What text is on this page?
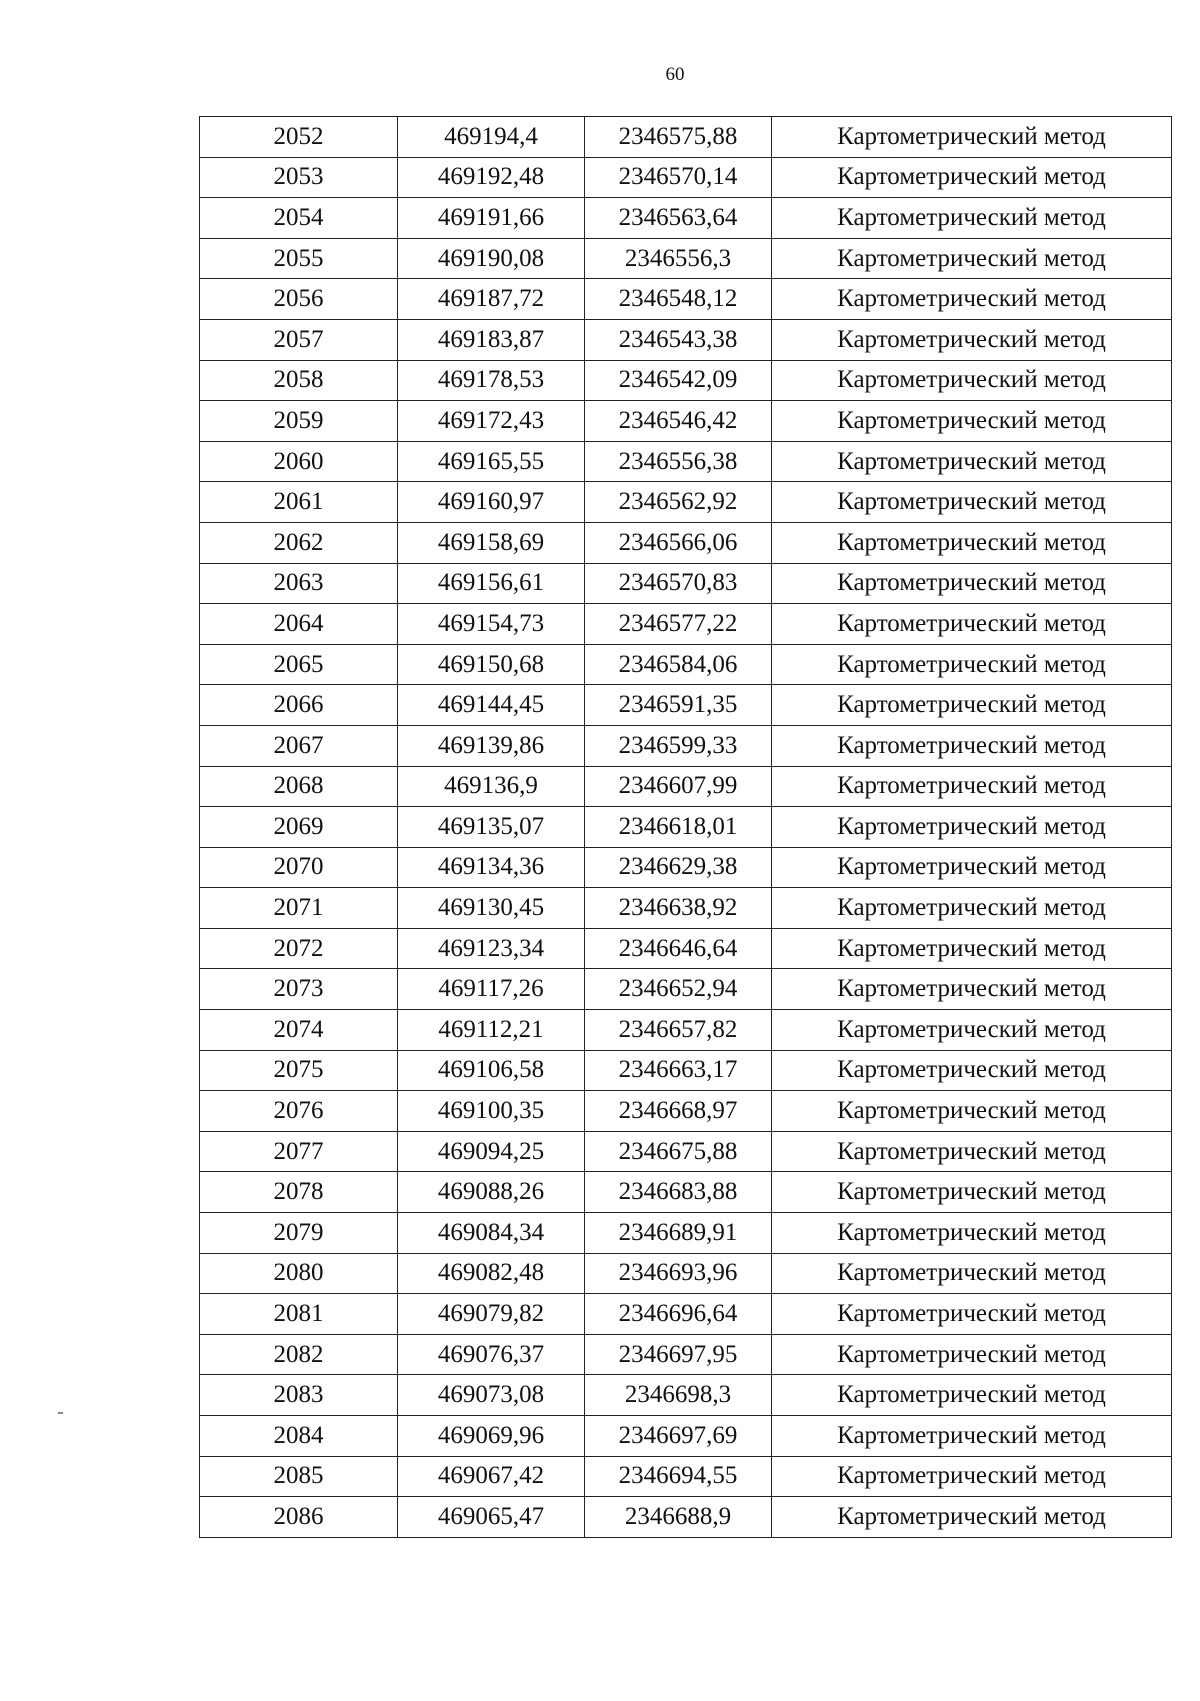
60
2052	469194,4	2346575,88	Картометрический метод
2053	469192,48	2346570,14	Картометрический метод
2054	469191,66	2346563,64	Картометрический метод
2055	469190,08	2346556,3	Картометрический метод
2056	469187,72	2346548,12	Картометрический метод
2057	469183,87	2346543,38	Картометрический метод
2058	469178,53	2346542,09	Картометрический метод
2059	469172,43	2346546,42	Картометрический метод
2060	469165,55	2346556,38	Картометрический метод
2061	469160,97	2346562,92	Картометрический метод
2062	469158,69	2346566,06	Картометрический метод
2063	469156,61	2346570,83	Картометрический метод
2064	469154,73	2346577,22	Картометрический метод
2065	469150,68	2346584,06	Картометрический метод
2066	469144,45	2346591,35	Картометрический метод
2067	469139,86	2346599,33	Картометрический метод
2068	469136,9	2346607,99	Картометрический метод
2069	469135,07	2346618,01	Картометрический метод
2070	469134,36	2346629,38	Картометрический метод
2071	469130,45	2346638,92	Картометрический метод
2072	469123,34	2346646,64	Картометрический метод
2073	469117,26	2346652,94	Картометрический метод
2074	469112,21	2346657,82	Картометрический метод
2075	469106,58	2346663,17	Картометрический метод
2076	469100,35	2346668,97	Картометрический метод
2077	469094,25	2346675,88	Картометрический метод
2078	469088,26	2346683,88	Картометрический метод
2079	469084,34	2346689,91	Картометрический метод
2080	469082,48	2346693,96	Картометрический метод
2081	469079,82	2346696,64	Картометрический метод
2082	469076,37	2346697,95	Картометрический метод
2083	469073,08	2346698,3	Картометрический метод
2084	469069,96	2346697,69	Картометрический метод
2085	469067,42	2346694,55	Картометрический метод
2086	469065,47	2346688,9	Картометрический метод
